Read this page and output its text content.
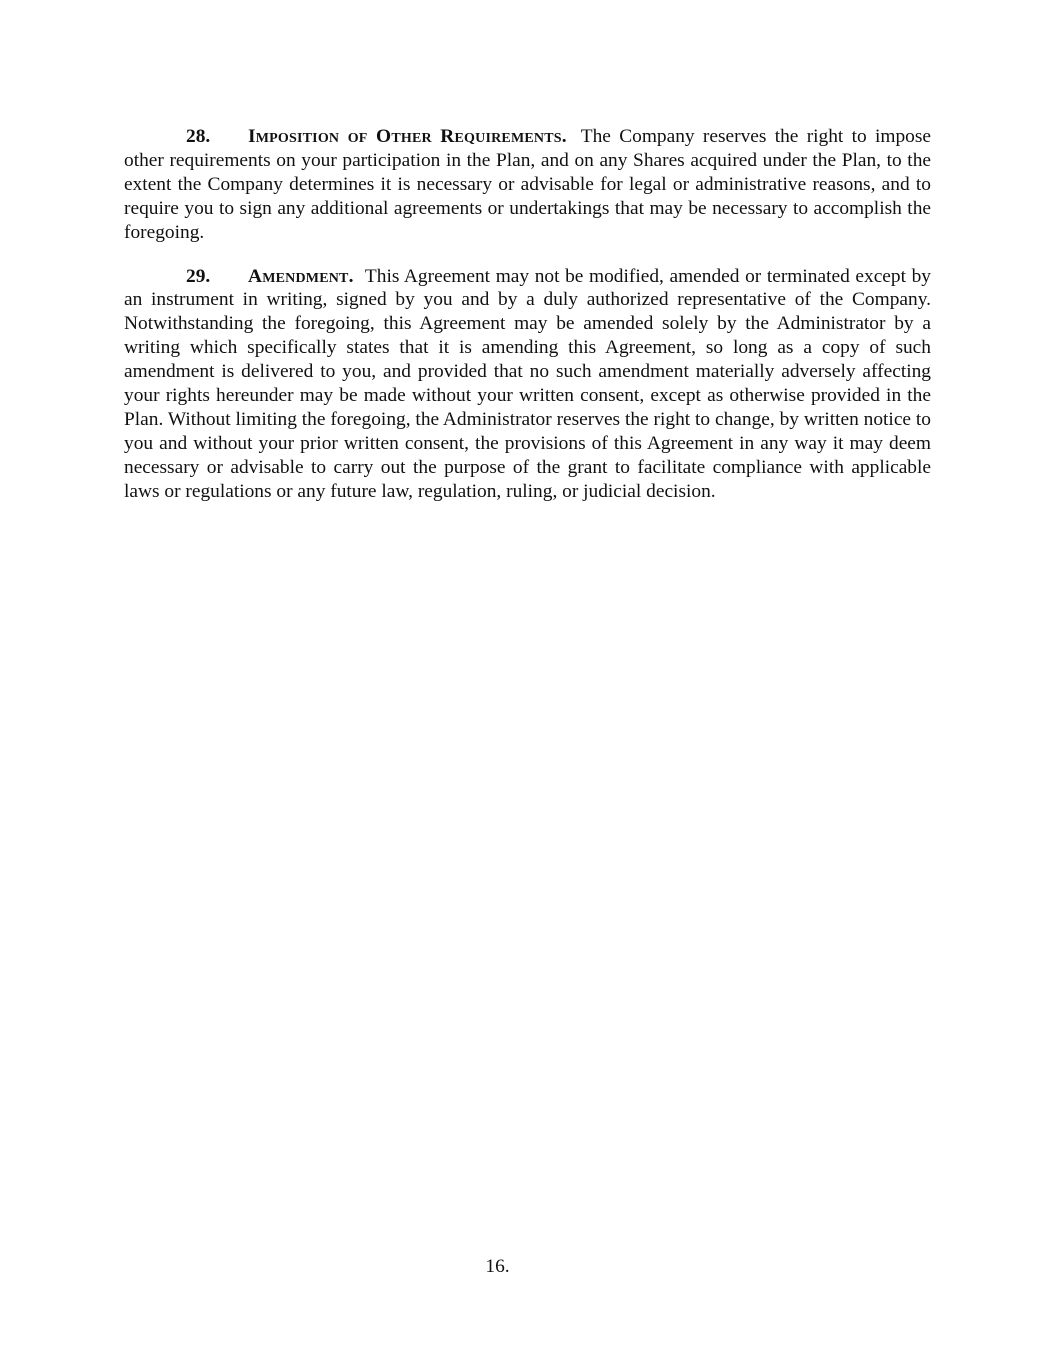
28. Imposition of Other Requirements. The Company reserves the right to impose other requirements on your participation in the Plan, and on any Shares acquired under the Plan, to the extent the Company determines it is necessary or advisable for legal or administrative reasons, and to require you to sign any additional agreements or undertakings that may be necessary to accomplish the foregoing.

29. Amendment. This Agreement may not be modified, amended or terminated except by an instrument in writing, signed by you and by a duly authorized representative of the Company. Notwithstanding the foregoing, this Agreement may be amended solely by the Administrator by a writing which specifically states that it is amending this Agreement, so long as a copy of such amendment is delivered to you, and provided that no such amendment materially adversely affecting your rights hereunder may be made without your written consent, except as otherwise provided in the Plan. Without limiting the foregoing, the Administrator reserves the right to change, by written notice to you and without your prior written consent, the provisions of this Agreement in any way it may deem necessary or advisable to carry out the purpose of the grant to facilitate compliance with applicable laws or regulations or any future law, regulation, ruling, or judicial decision.

16.
